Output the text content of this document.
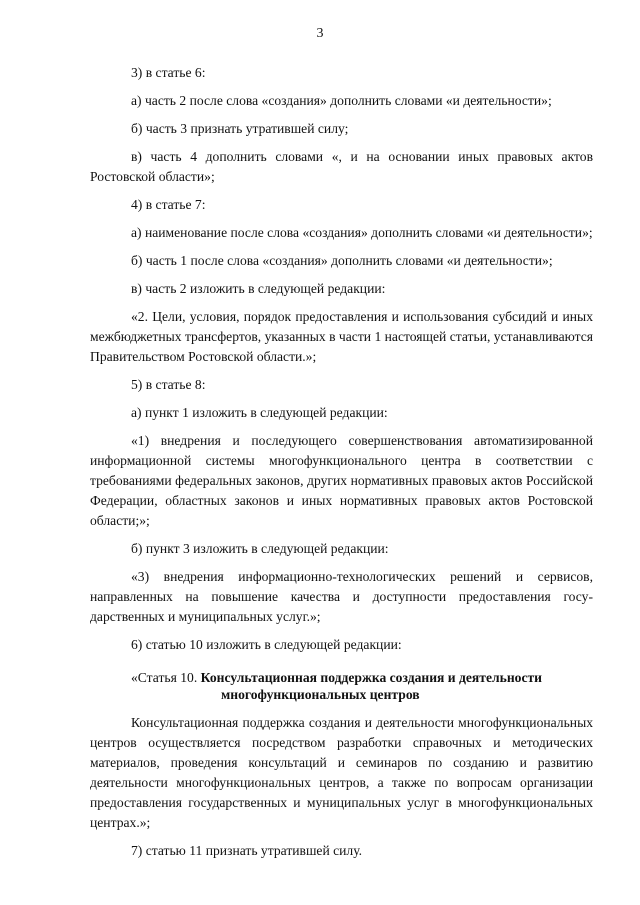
3

3) в статье 6:

а) часть 2 после слова «создания» дополнить словами «и деятельности»;

б) часть 3 признать утратившей силу;

в) часть 4 дополнить словами «, и на основании иных правовых актов Ростовской области»;

4) в статье 7:

а) наименование после слова «создания» дополнить словами «и деятельности»;

б) часть 1 после слова «создания» дополнить словами «и деятельности»;

в) часть 2 изложить в следующей редакции:

«2. Цели, условия, порядок предоставления и использования субсидий и иных межбюджетных трансфертов, указанных в части 1 настоящей статьи, устанавливаются Правительством Ростовской области.»;

5) в статье 8:

а) пункт 1 изложить в следующей редакции:

«1) внедрения и последующего совершенствования автоматизированной информационной системы многофункционального центра в соответствии с требованиями федеральных законов, других нормативных правовых актов Российской Федерации, областных законов и иных нормативных правовых актов Ростовской области;»;

б) пункт 3 изложить в следующей редакции:

«3) внедрения информационно-технологических решений и сервисов, направленных на повышение качества и доступности предоставления государственных и муниципальных услуг.»;

6) статью 10 изложить в следующей редакции:

«Статья 10. Консультационная поддержка создания и деятельности
многофункциональных центров

Консультационная поддержка создания и деятельности многофункциональных центров осуществляется посредством разработки справочных и методических материалов, проведения консультаций и семинаров по созданию и развитию деятельности многофункциональных центров, а также по вопросам организации предоставления государственных и муниципальных услуг в многофункциональных центрах.»;

7) статью 11 признать утратившей силу.
